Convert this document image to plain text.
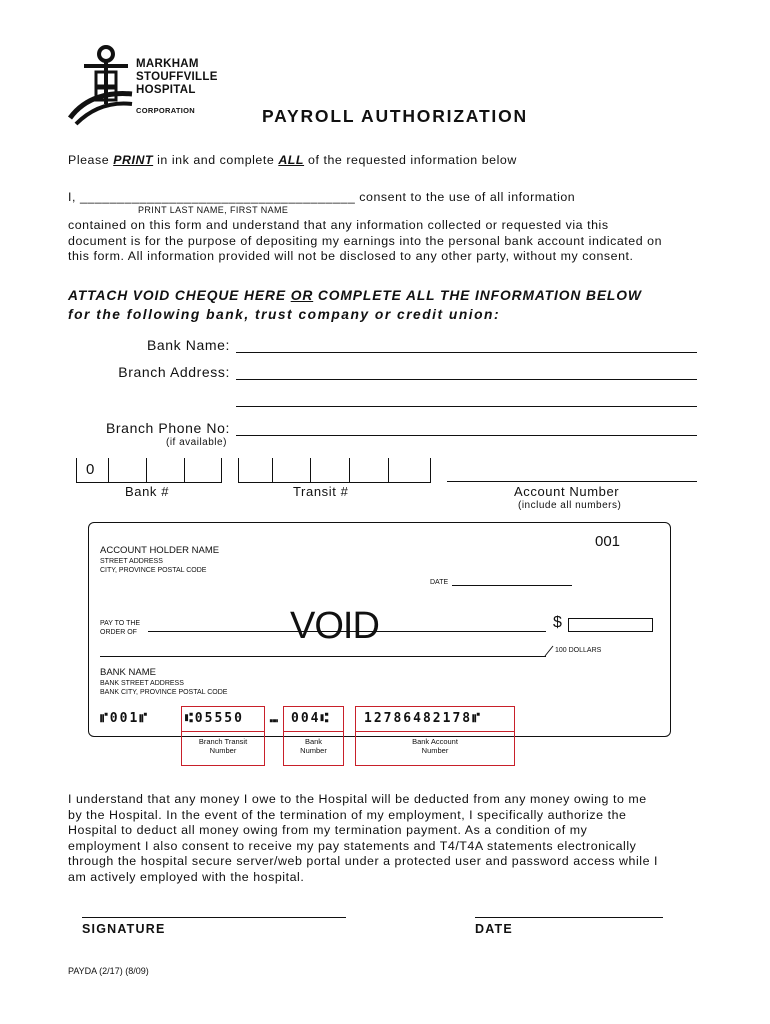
MARKHAM
STOUFFVILLE
HOSPITAL
CORPORATION	PAYROLL AUTHORIZATION
Please PRINT in ink and complete ALL of the requested information below
I, _____________________________________ consent to the use of all information
PRINT LAST NAME, FIRST NAME
contained on this form and understand that any information collected or requested via this
document is for the purpose of depositing my earnings into the personal bank account indicated on
this form. All information provided will not be disclosed to any other party, without my consent.
ATTACH VOID CHEQUE HERE OR COMPLETE ALL THE INFORMATION BELOW
for the following bank, trust company or credit union:
Bank Name:
Branch Address:
Branch Phone No:
(if available)
0
Bank #	Transit #	Account Number
(include all numbers)
001
ACCOUNT HOLDER NAME
STREET ADDRESS
CITY, PROVINCE POSTAL CODE
DATE
PAY TO THE
ORDER OF	VOID	$
100 DOLLARS
BANK NAME
BANK STREET ADDRESS
BANK CITY, PROVINCE POSTAL CODE
⑈001⑈	⑆05550 ⑉ 004⑆	12786482178⑈
Branch Transit
Number
Bank
Number
Bank Account
Number
I understand that any money I owe to the Hospital will be deducted from any money owing to me
by the Hospital. In the event of the termination of my employment, I specifically authorize the
Hospital to deduct all money owing from my termination payment. As a condition of my
employment I also consent to receive my pay statements and T4/T4A statements electronically
through the hospital secure server/web portal under a protected user and password access while I
am actively employed with the hospital.
SIGNATURE	DATE
PAYDA (2/17) (8/09)
